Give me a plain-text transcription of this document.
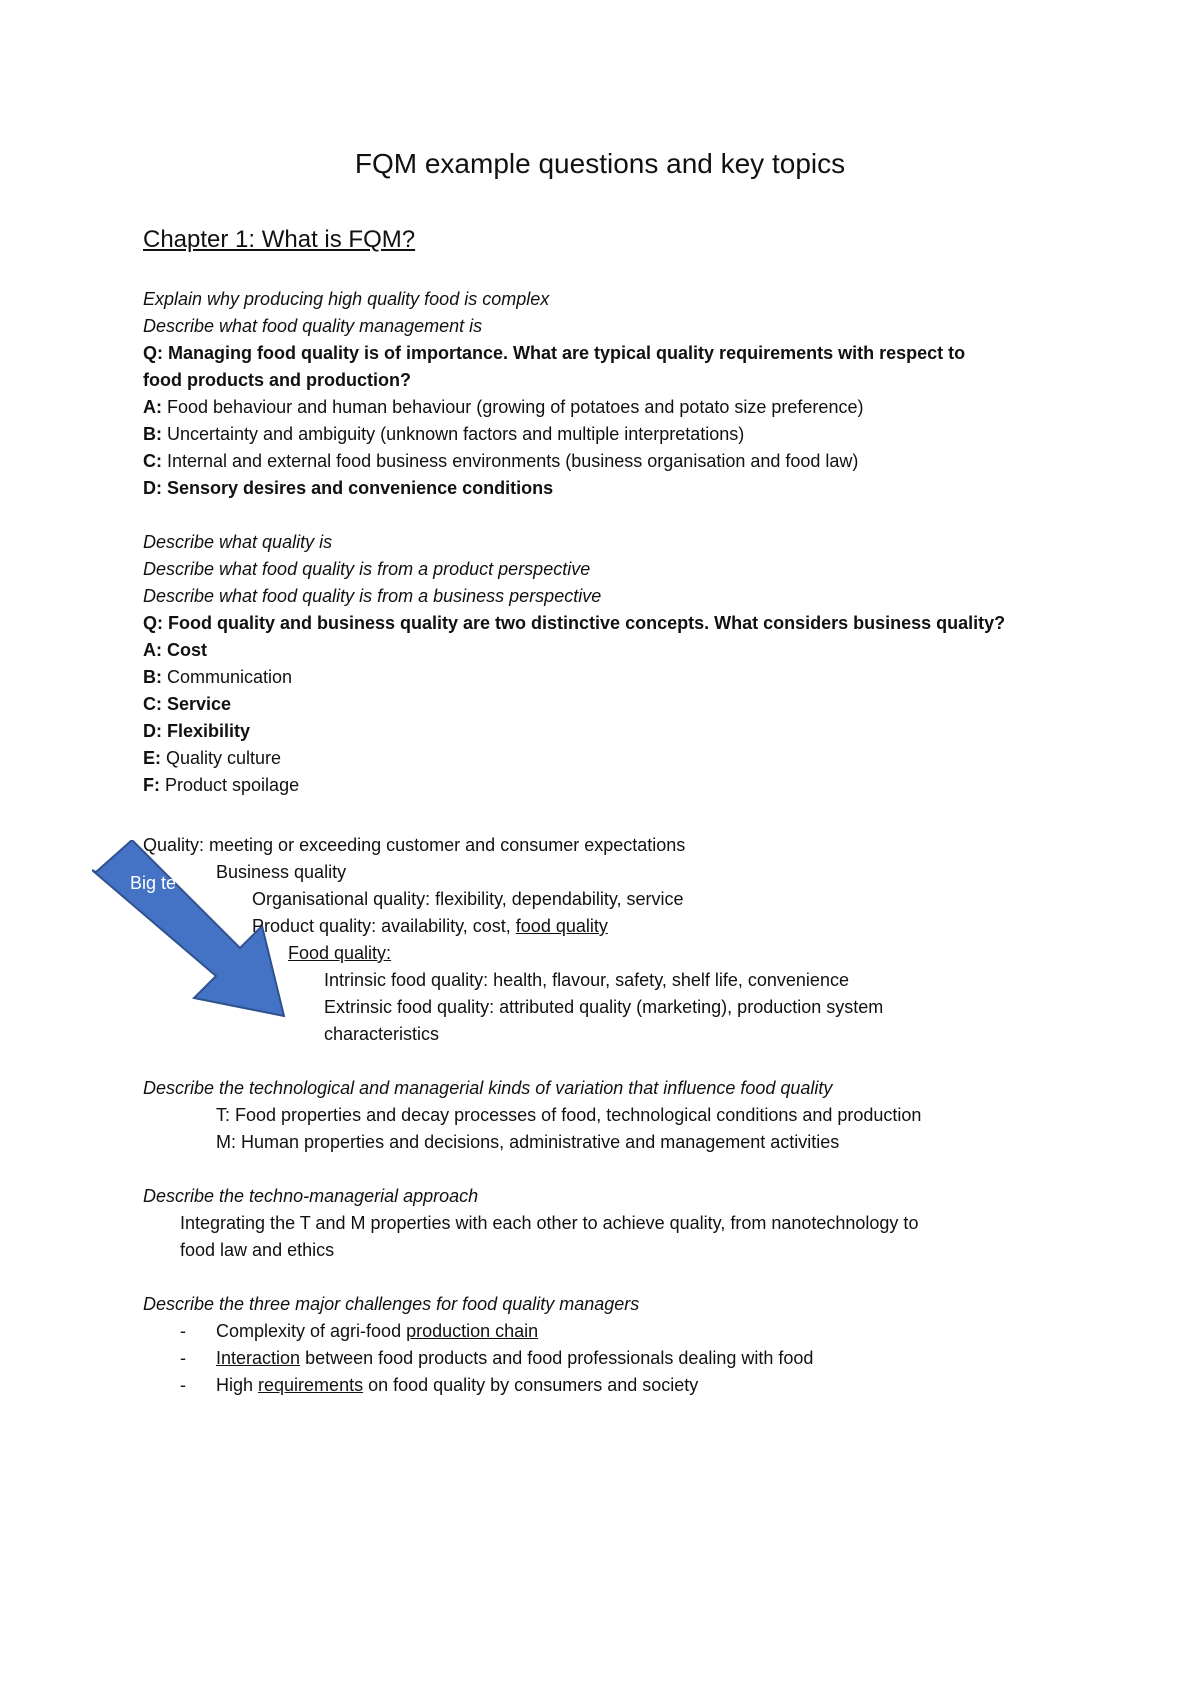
FQM example questions and key topics
Chapter 1: What is FQM?
Explain why producing high quality food is complex
Describe what food quality management is
Q: Managing food quality is of importance. What are typical quality requirements with respect to
food products and production?
A: Food behaviour and human behaviour (growing of potatoes and potato size preference)
B: Uncertainty and ambiguity (unknown factors and multiple interpretations)
C: Internal and external food business environments (business organisation and food law)
D: Sensory desires and convenience conditions
Describe what quality is
Describe what food quality is from a product perspective
Describe what food quality is from a business perspective
Q: Food quality and business quality are two distinctive concepts. What considers business quality?
A: Cost
B: Communication
C: Service
D: Flexibility
E: Quality culture
F: Product spoilage
Big te
Quality: meeting or exceeding customer and consumer expectations
Business quality
Organisational quality: flexibility, dependability, service
Product quality: availability, cost, food quality
Food quality:
Intrinsic food quality: health, flavour, safety, shelf life, convenience
Extrinsic food quality: attributed quality (marketing), production system
characteristics
Describe the technological and managerial kinds of variation that influence food quality
T: Food properties and decay processes of food, technological conditions and production
M: Human properties and decisions, administrative and management activities
Describe the techno-managerial approach
Integrating the T and M properties with each other to achieve quality, from nanotechnology to
food law and ethics
Describe the three major challenges for food quality managers
- Complexity of agri-food production chain
- Interaction between food products and food professionals dealing with food
- High requirements on food quality by consumers and society
